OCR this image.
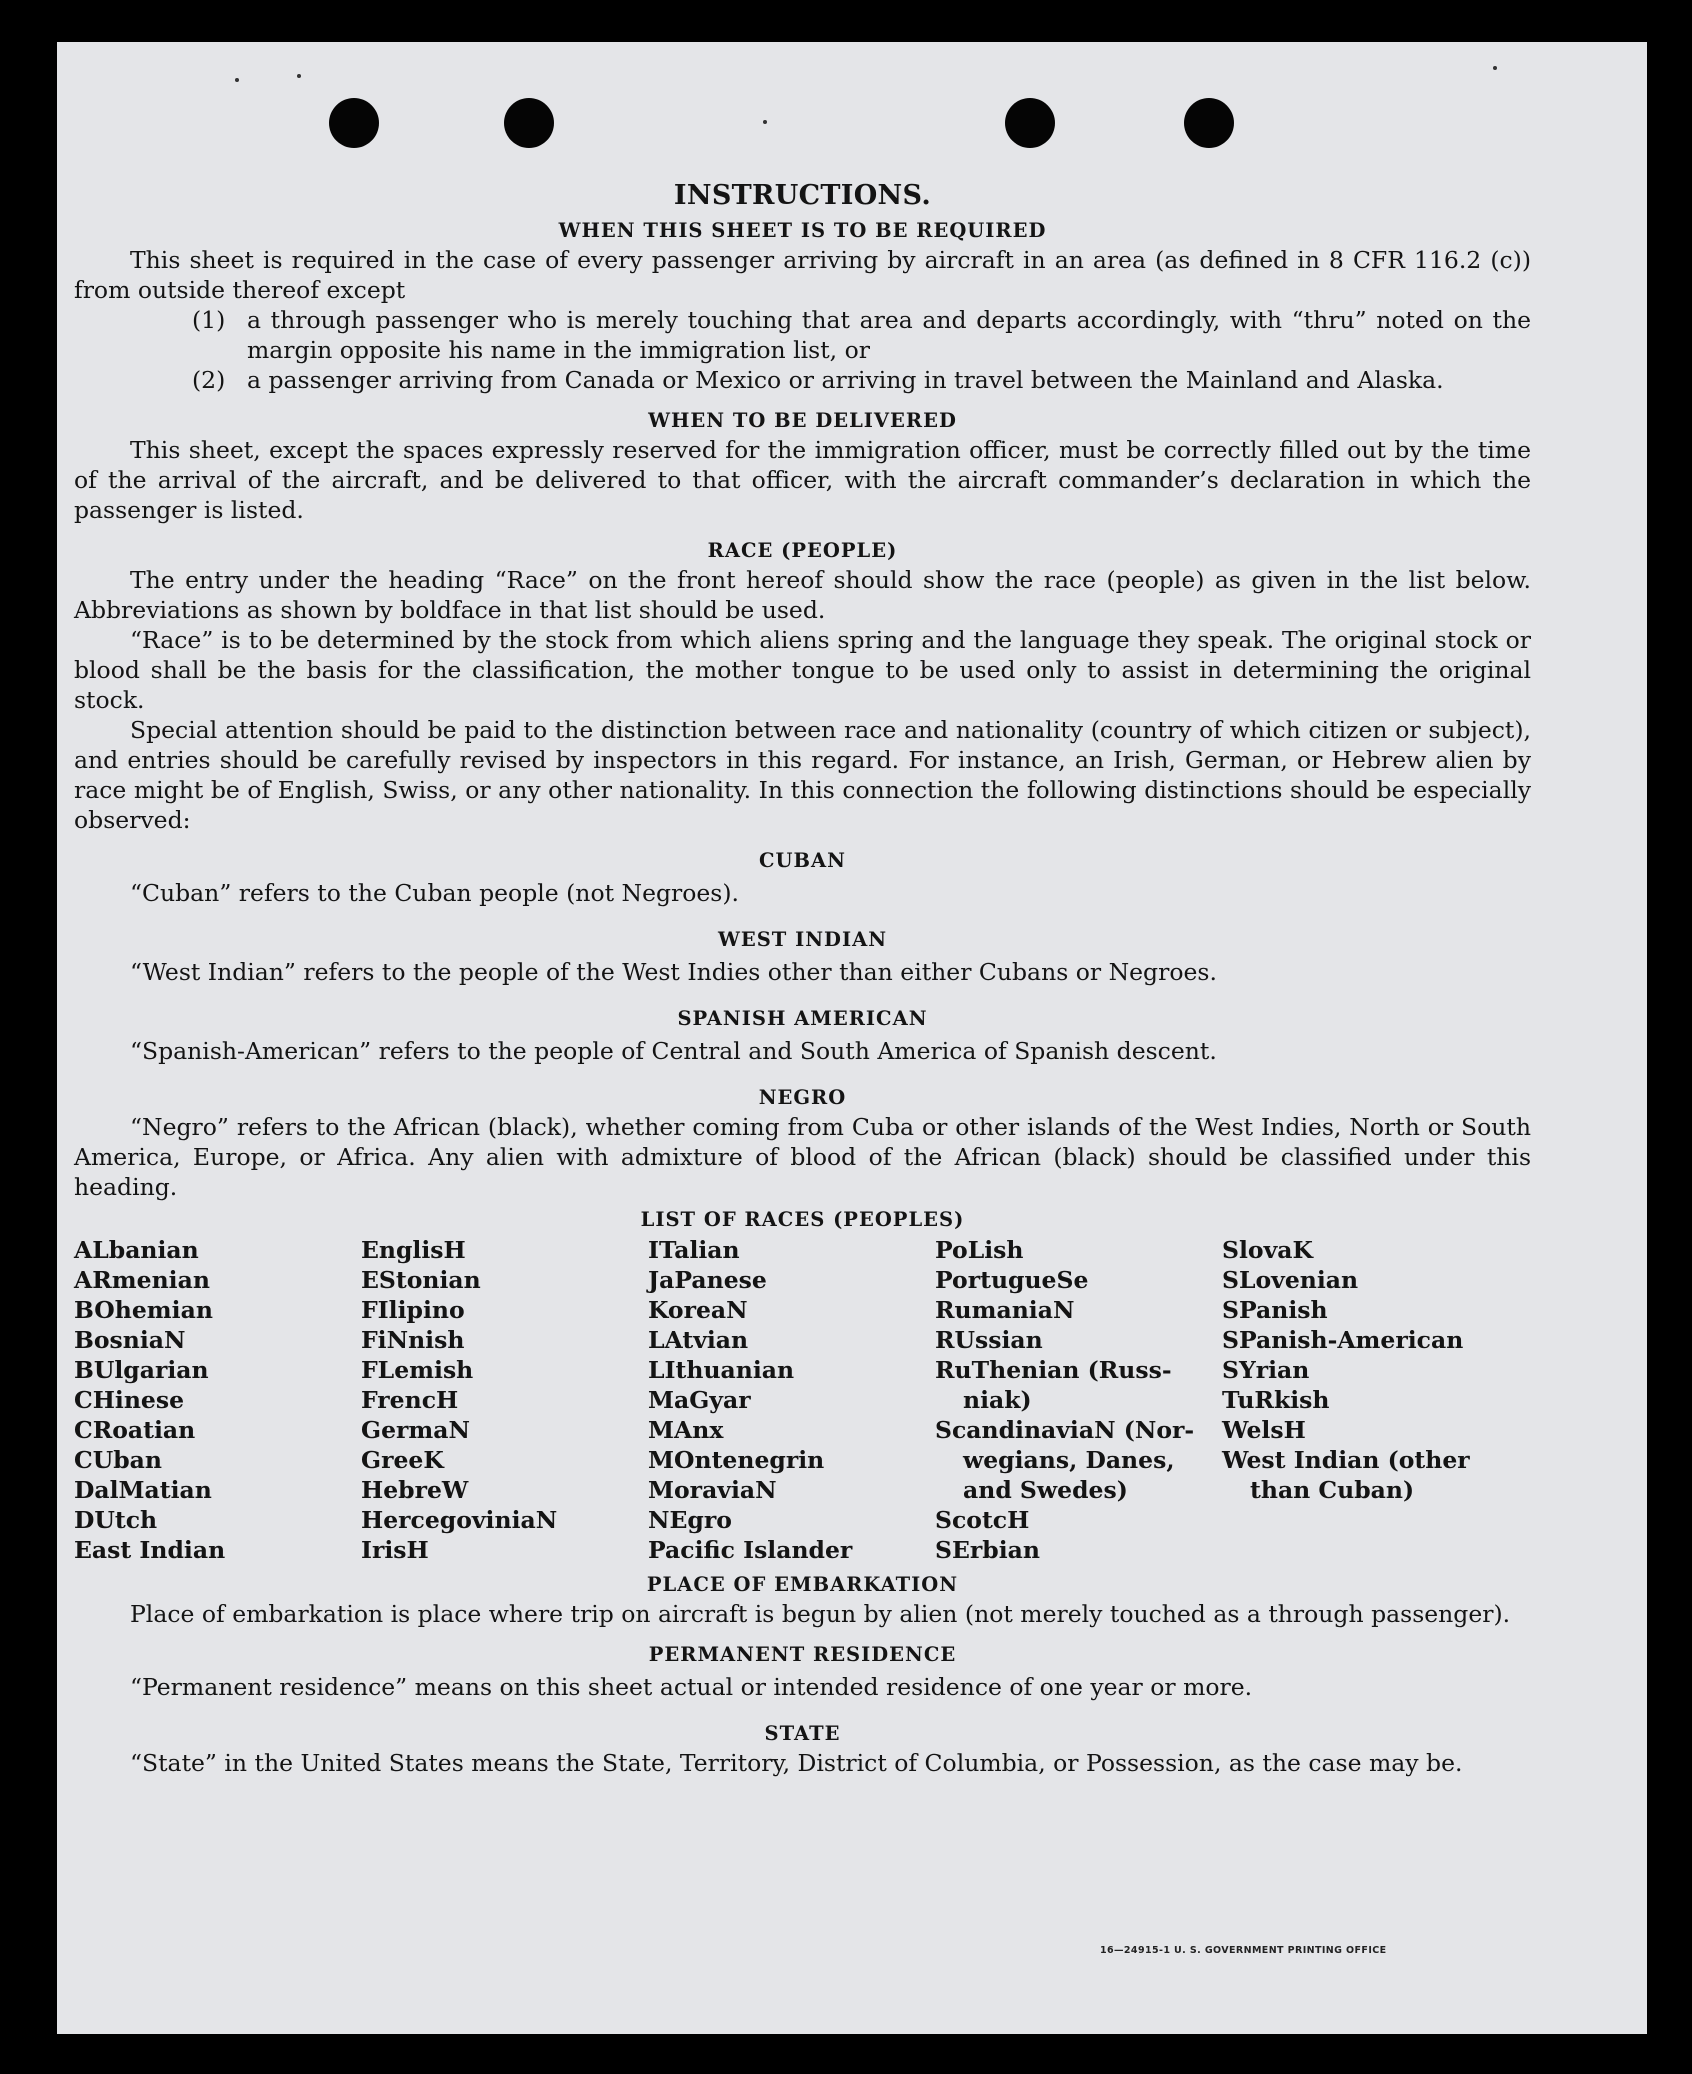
INSTRUCTIONS.
WHEN THIS SHEET IS TO BE REQUIRED

This sheet is required in the case of every passenger arriving by aircraft in an area (as defined in 8 CFR 116.2 (c)) from outside thereof except

(1) a through passenger who is merely touching that area and departs accordingly, with “thru” noted on the margin opposite his name in the immigration list, or
(2) a passenger arriving from Canada or Mexico or arriving in travel between the Mainland and Alaska.
WHEN TO BE DELIVERED

This sheet, except the spaces expressly reserved for the immigration officer, must be correctly filled out by the time of the arrival of the aircraft, and be delivered to that officer, with the aircraft commander’s declaration in which the passenger is listed.

RACE (PEOPLE)

The entry under the heading “Race” on the front hereof should show the race (people) as given in the list below. Abbreviations as shown by boldface in that list should be used.

“Race” is to be determined by the stock from which aliens spring and the language they speak. The original stock or blood shall be the basis for the classification, the mother tongue to be used only to assist in determining the original stock.

Special attention should be paid to the distinction between race and nationality (country of which citizen or subject), and entries should be carefully revised by inspectors in this regard. For instance, an Irish, German, or Hebrew alien by race might be of English, Swiss, or any other nationality. In this connection the following distinctions should be especially observed:

CUBAN

“Cuban” refers to the Cuban people (not Negroes).

WEST INDIAN

“West Indian” refers to the people of the West Indies other than either Cubans or Negroes.

SPANISH AMERICAN

“Spanish-American” refers to the people of Central and South America of Spanish descent.

NEGRO

“Negro” refers to the African (black), whether coming from Cuba or other islands of the West Indies, North or South America, Europe, or Africa. Any alien with admixture of blood of the African (black) should be classified under this heading.

LIST OF RACES (PEOPLES)
ALbanian
ARmenian
BOhemian
BosniaN
BUlgarian
CHinese
CRoatian
CUban
DalMatian
DUtch
East Indian
EnglisH
EStonian
FIlipino
FiNnish
FLemish
FrencH
GermaN
GreeK
HebreW
HercegoviniaN
IrisH
ITalian
JaPanese
KoreaN
LAtvian
LIthuanian
MaGyar
MAnx
MOntenegrin
MoraviaN
NEgro
Pacific Islander
PoLish
PortugueSe
RumaniaN
RUssian
RuThenian (Russ-
niak)
ScandinaviaN (Nor-
wegians, Danes,
and Swedes)
ScotcH
SErbian
SlovaK
SLovenian
SPanish
SPanish-American
SYrian
TuRkish
WelsH
West Indian (other
than Cuban)
PLACE OF EMBARKATION

Place of embarkation is place where trip on aircraft is begun by alien (not merely touched as a through passenger).

PERMANENT RESIDENCE

“Permanent residence” means on this sheet actual or intended residence of one year or more.

STATE

“State” in the United States means the State, Territory, District of Columbia, or Possession, as the case may be.

16—24915-1 U. S. GOVERNMENT PRINTING OFFICE
